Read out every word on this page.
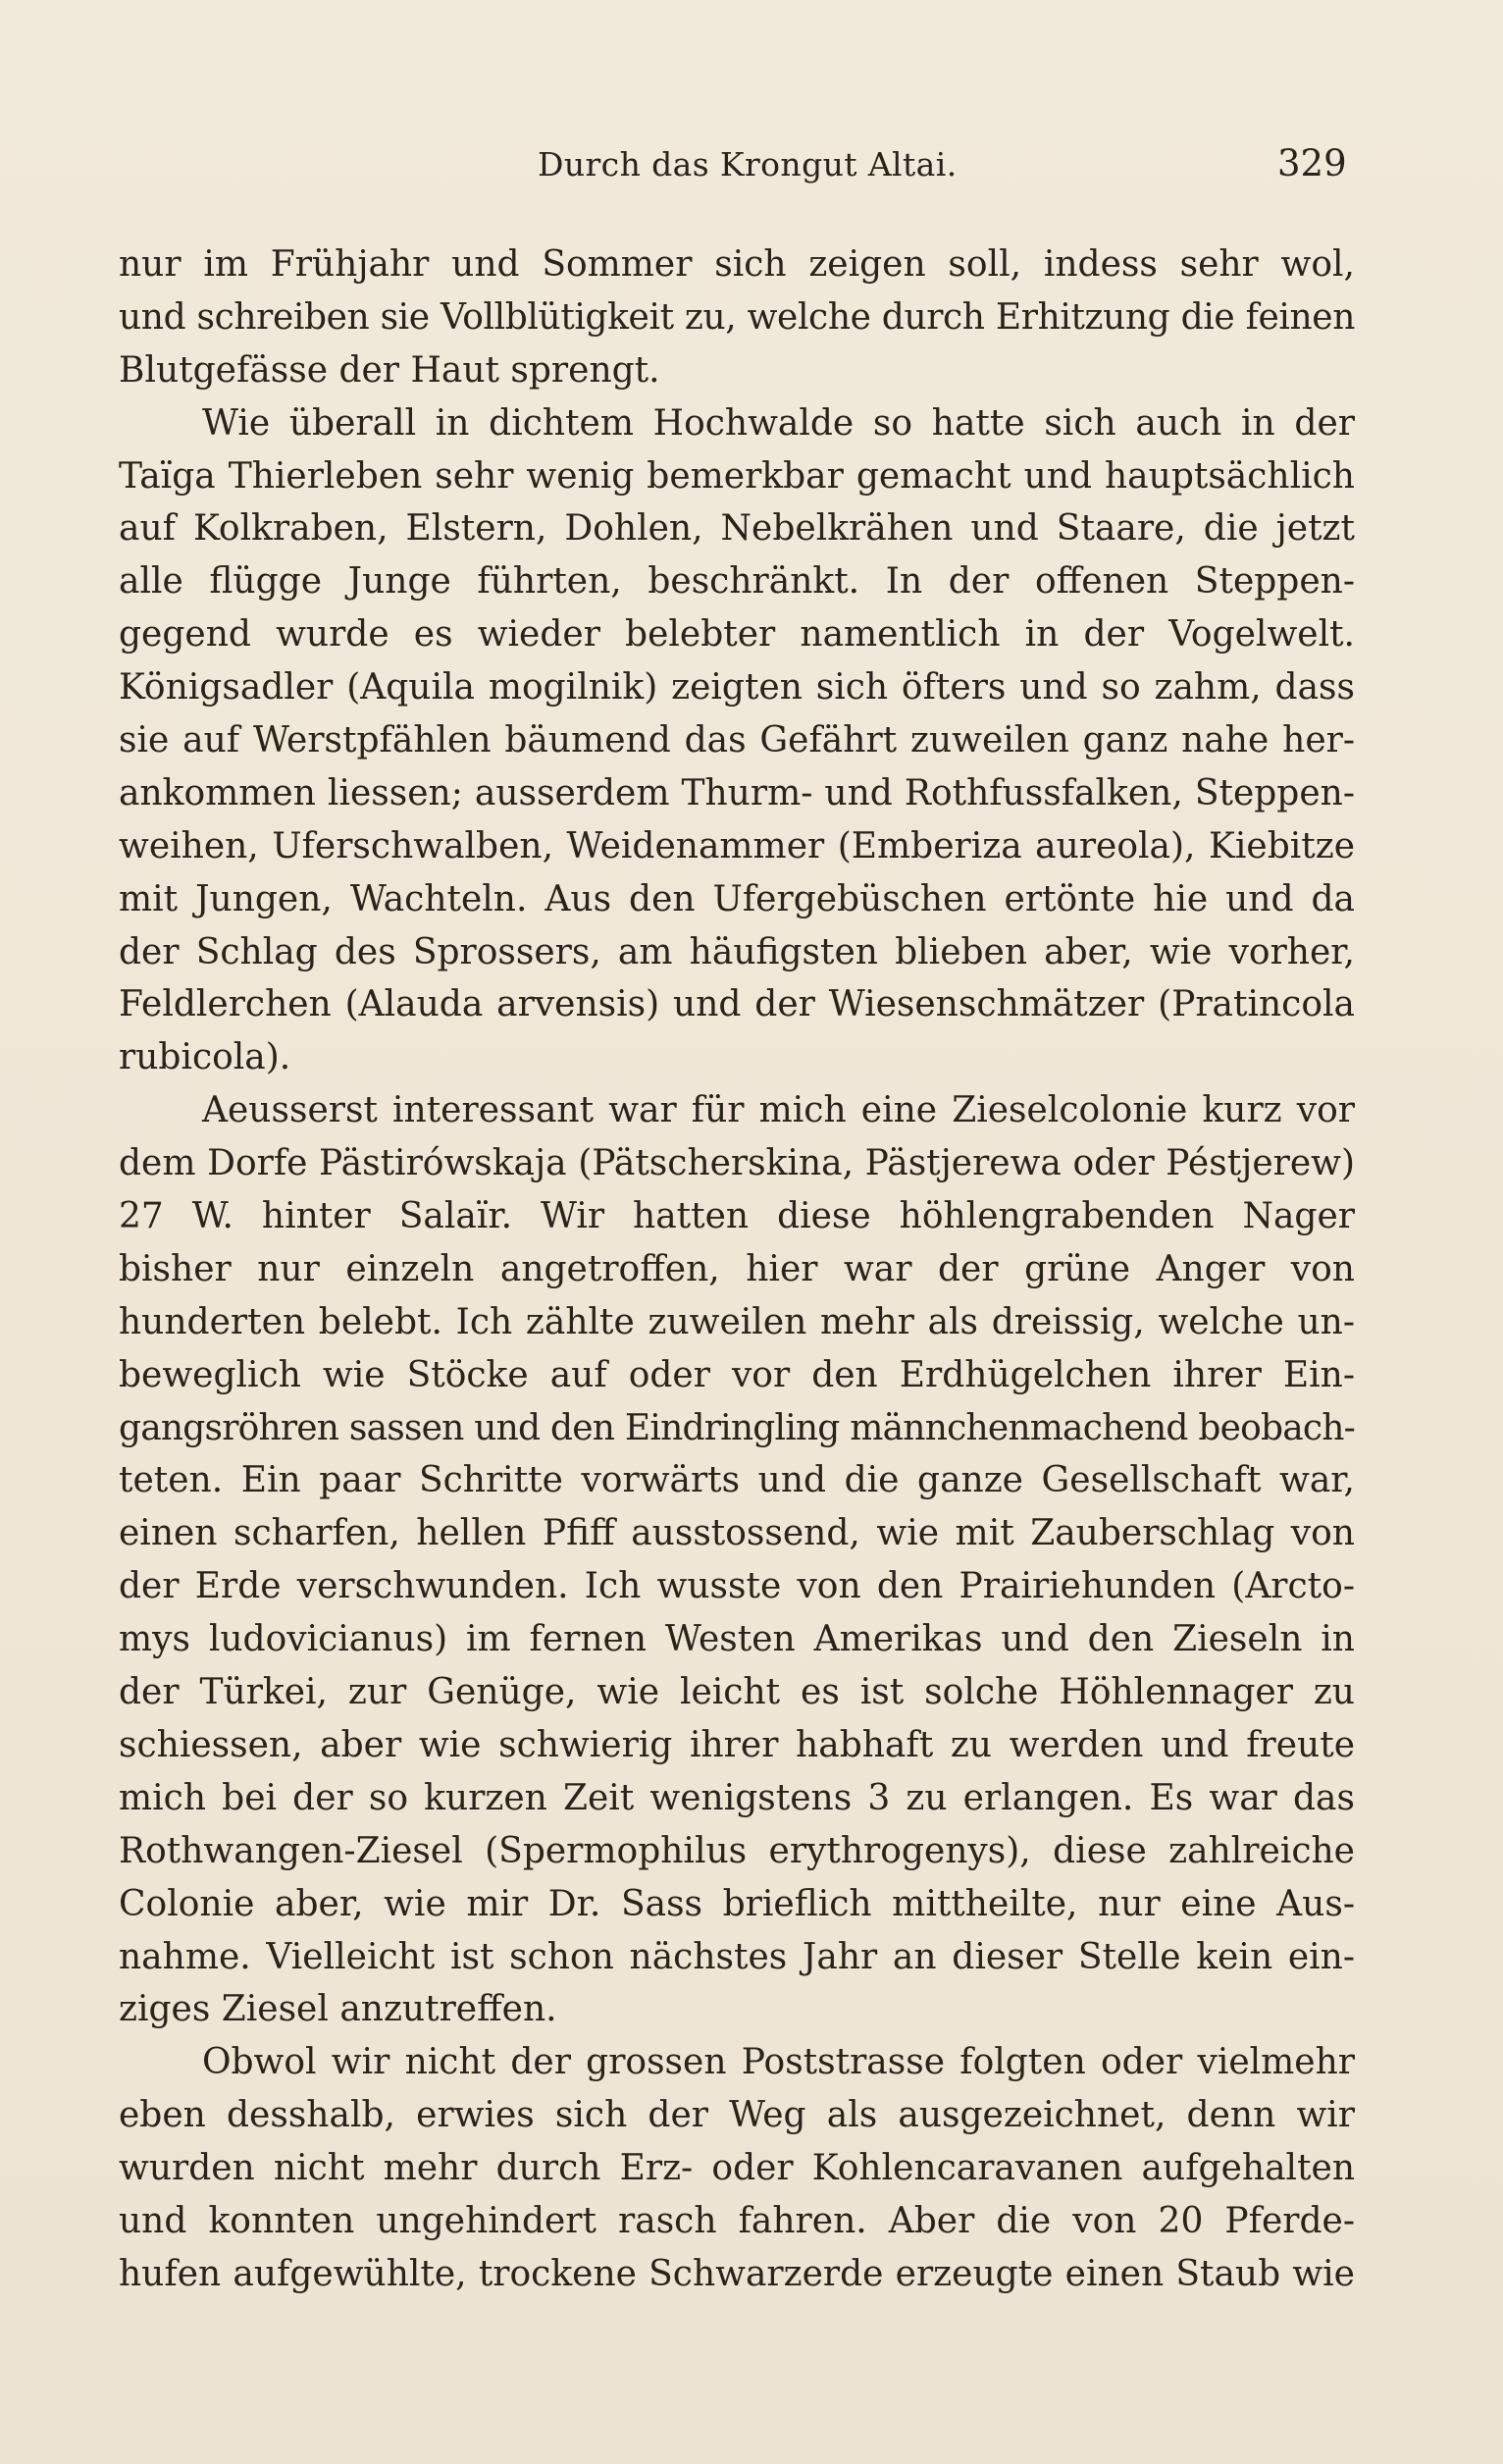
Durch das Krongut Altai.	329
nur im Frühjahr und Sommer sich zeigen soll, indess sehr wol,
und schreiben sie Vollblütigkeit zu, welche durch Erhitzung die feinen
Blutgefässe der Haut sprengt.
Wie überall in dichtem Hochwalde so hatte sich auch in der
Taïga Thierleben sehr wenig bemerkbar gemacht und hauptsächlich
auf Kolkraben, Elstern, Dohlen, Nebelkrähen und Staare, die jetzt
alle flügge Junge führten, beschränkt. In der offenen Steppen-
gegend wurde es wieder belebter namentlich in der Vogelwelt.
Königsadler (Aquila mogilnik) zeigten sich öfters und so zahm, dass
sie auf Werstpfählen bäumend das Gefährt zuweilen ganz nahe her-
ankommen liessen; ausserdem Thurm- und Rothfussfalken, Steppen-
weihen, Uferschwalben, Weidenammer (Emberiza aureola), Kiebitze
mit Jungen, Wachteln. Aus den Ufergebüschen ertönte hie und da
der Schlag des Sprossers, am häufigsten blieben aber, wie vorher,
Feldlerchen (Alauda arvensis) und der Wiesenschmätzer (Pratincola
rubicola).
Aeusserst interessant war für mich eine Zieselcolonie kurz vor
dem Dorfe Pästirówskaja (Pätscherskina, Pästjerewa oder Péstjerew)
27 W. hinter Salaïr. Wir hatten diese höhlengrabenden Nager
bisher nur einzeln angetroffen, hier war der grüne Anger von
hunderten belebt. Ich zählte zuweilen mehr als dreissig, welche un-
beweglich wie Stöcke auf oder vor den Erdhügelchen ihrer Ein-
gangsröhren sassen und den Eindringling männchenmachend beobach-
teten. Ein paar Schritte vorwärts und die ganze Gesellschaft war,
einen scharfen, hellen Pfiff ausstossend, wie mit Zauberschlag von
der Erde verschwunden. Ich wusste von den Prairiehunden (Arcto-
mys ludovicianus) im fernen Westen Amerikas und den Zieseln in
der Türkei, zur Genüge, wie leicht es ist solche Höhlennager zu
schiessen, aber wie schwierig ihrer habhaft zu werden und freute
mich bei der so kurzen Zeit wenigstens 3 zu erlangen. Es war das
Rothwangen-Ziesel (Spermophilus erythrogenys), diese zahlreiche
Colonie aber, wie mir Dr. Sass brieflich mittheilte, nur eine Aus-
nahme. Vielleicht ist schon nächstes Jahr an dieser Stelle kein ein-
ziges Ziesel anzutreffen.
Obwol wir nicht der grossen Poststrasse folgten oder vielmehr
eben desshalb, erwies sich der Weg als ausgezeichnet, denn wir
wurden nicht mehr durch Erz- oder Kohlencaravanen aufgehalten
und konnten ungehindert rasch fahren. Aber die von 20 Pferde-
hufen aufgewühlte, trockene Schwarzerde erzeugte einen Staub wie
